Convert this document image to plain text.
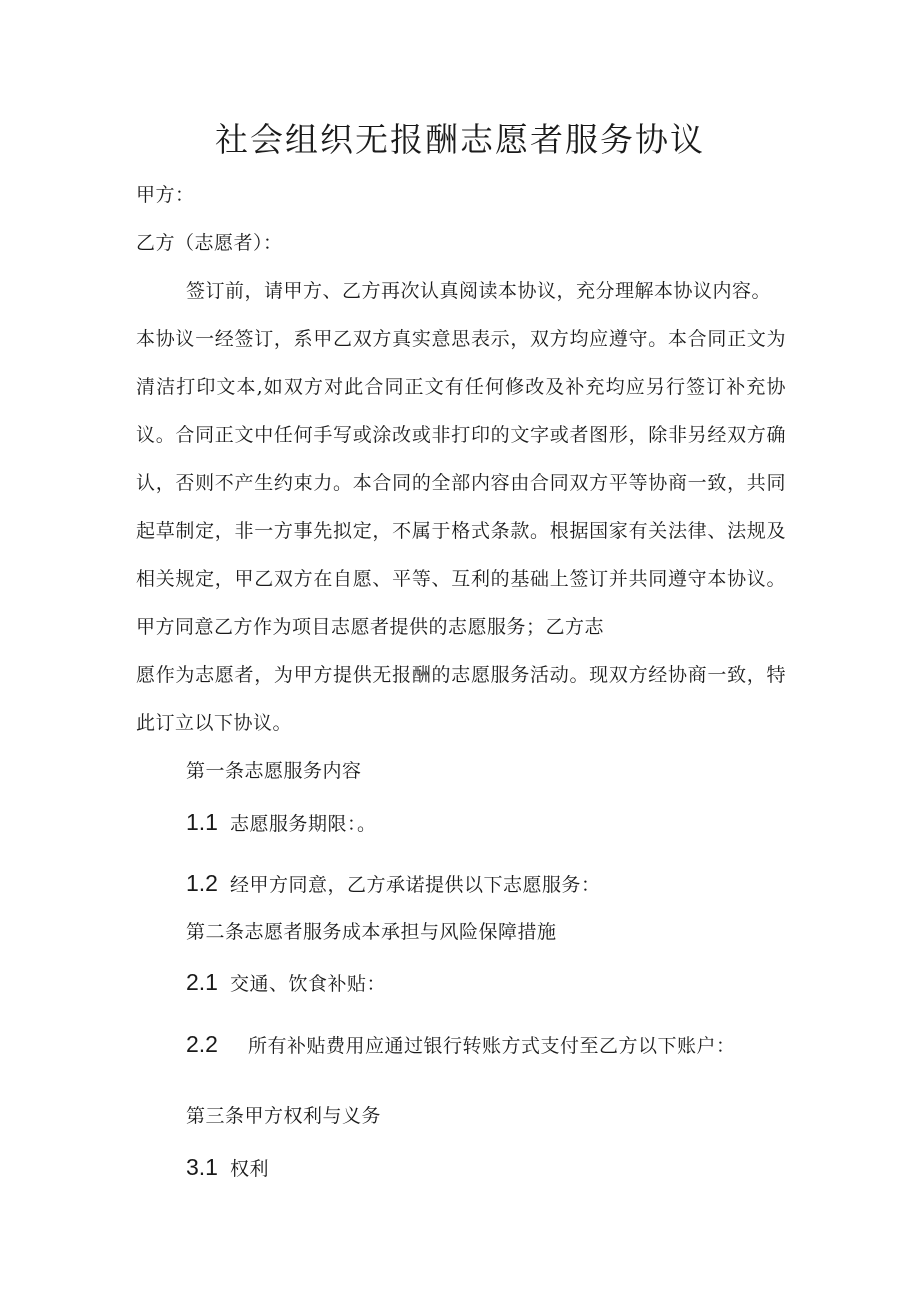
社会组织无报酬志愿者服务协议
甲方：
乙方（志愿者）：
签订前，请甲方、乙方再次认真阅读本协议，充分理解本协议内容。
本协议一经签订，系甲乙双方真实意思表示，双方均应遵守。本合同正文为
清洁打印文本,如双方对此合同正文有任何修改及补充均应另行签订补充协
议。合同正文中任何手写或涂改或非打印的文字或者图形，除非另经双方确
认，否则不产生约束力。本合同的全部内容由合同双方平等协商一致，共同
起草制定，非一方事先拟定，不属于格式条款。根据国家有关法律、法规及
相关规定，甲乙双方在自愿、平等、互利的基础上签订并共同遵守本协议。
甲方同意乙方作为项目志愿者提供的志愿服务；乙方志
愿作为志愿者，为甲方提供无报酬的志愿服务活动。现双方经协商一致，特
此订立以下协议。
第一条志愿服务内容
1.1 志愿服务期限：。
1.2 经甲方同意，乙方承诺提供以下志愿服务：
第二条志愿者服务成本承担与风险保障措施
2.1 交通、饮食补贴：
2.2 所有补贴费用应通过银行转账方式支付至乙方以下账户：
第三条甲方权利与义务
3.1 权利
